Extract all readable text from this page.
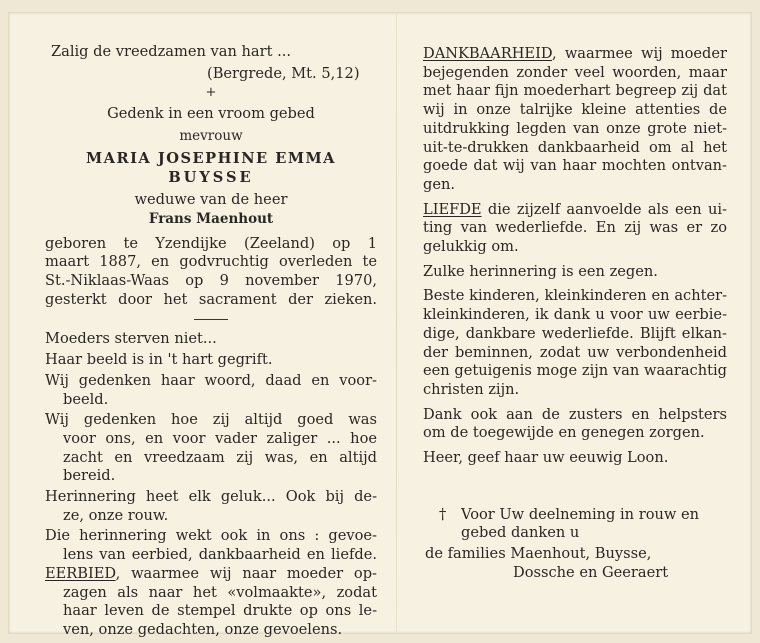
Zalig de vreedzamen van hart ...
(Bergrede, Mt. 5,12)
+
Gedenk in een vroom gebed
mevrouw
MARIA JOSEPHINE EMMA
BUYSSE
weduwe van de heer
Frans Maenhout
geboren te Yzendijke (Zeeland) op 1
maart 1887, en godvruchtig overleden te
St.-Niklaas-Waas op 9 november 1970,
gesterkt door het sacrament der zieken.
Moeders sterven niet...
Haar beeld is in 't hart gegrift.
Wij gedenken haar woord, daad en voor-
beeld.
Wij gedenken hoe zij altijd goed was
voor ons, en voor vader zaliger ... hoe
zacht en vreedzaam zij was, en altijd
bereid.
Herinnering heet elk geluk... Ook bij de-
ze, onze rouw.
Die herinnering wekt ook in ons : gevoe-
lens van eerbied, dankbaarheid en liefde.
EERBIED, waarmee wij naar moeder op-
zagen als naar het «volmaakte», zodat
haar leven de stempel drukte op ons le-
ven, onze gedachten, onze gevoelens.
DANKBAARHEID, waarmee wij moeder
bejegenden zonder veel woorden, maar
met haar fijn moederhart begreep zij dat
wij in onze talrijke kleine attenties de
uitdrukking legden van onze grote niet-
uit-te-drukken dankbaarheid om al het
goede dat wij van haar mochten ontvan-
gen.
LIEFDE die zijzelf aanvoelde als een ui-
ting van wederliefde. En zij was er zo
gelukkig om.
Zulke herinnering is een zegen.
Beste kinderen, kleinkinderen en achter-
kleinkinderen, ik dank u voor uw eerbie-
dige, dankbare wederliefde. Blijft elkan-
der beminnen, zodat uw verbondenheid
een getuigenis moge zijn van waarachtig
christen zijn.
Dank ook aan de zusters en helpsters
om de toegewijde en genegen zorgen.
Heer, geef haar uw eeuwig Loon.
† Voor Uw deelneming in rouw en
gebed danken u
de families Maenhout, Buysse,
Dossche en Geeraert
